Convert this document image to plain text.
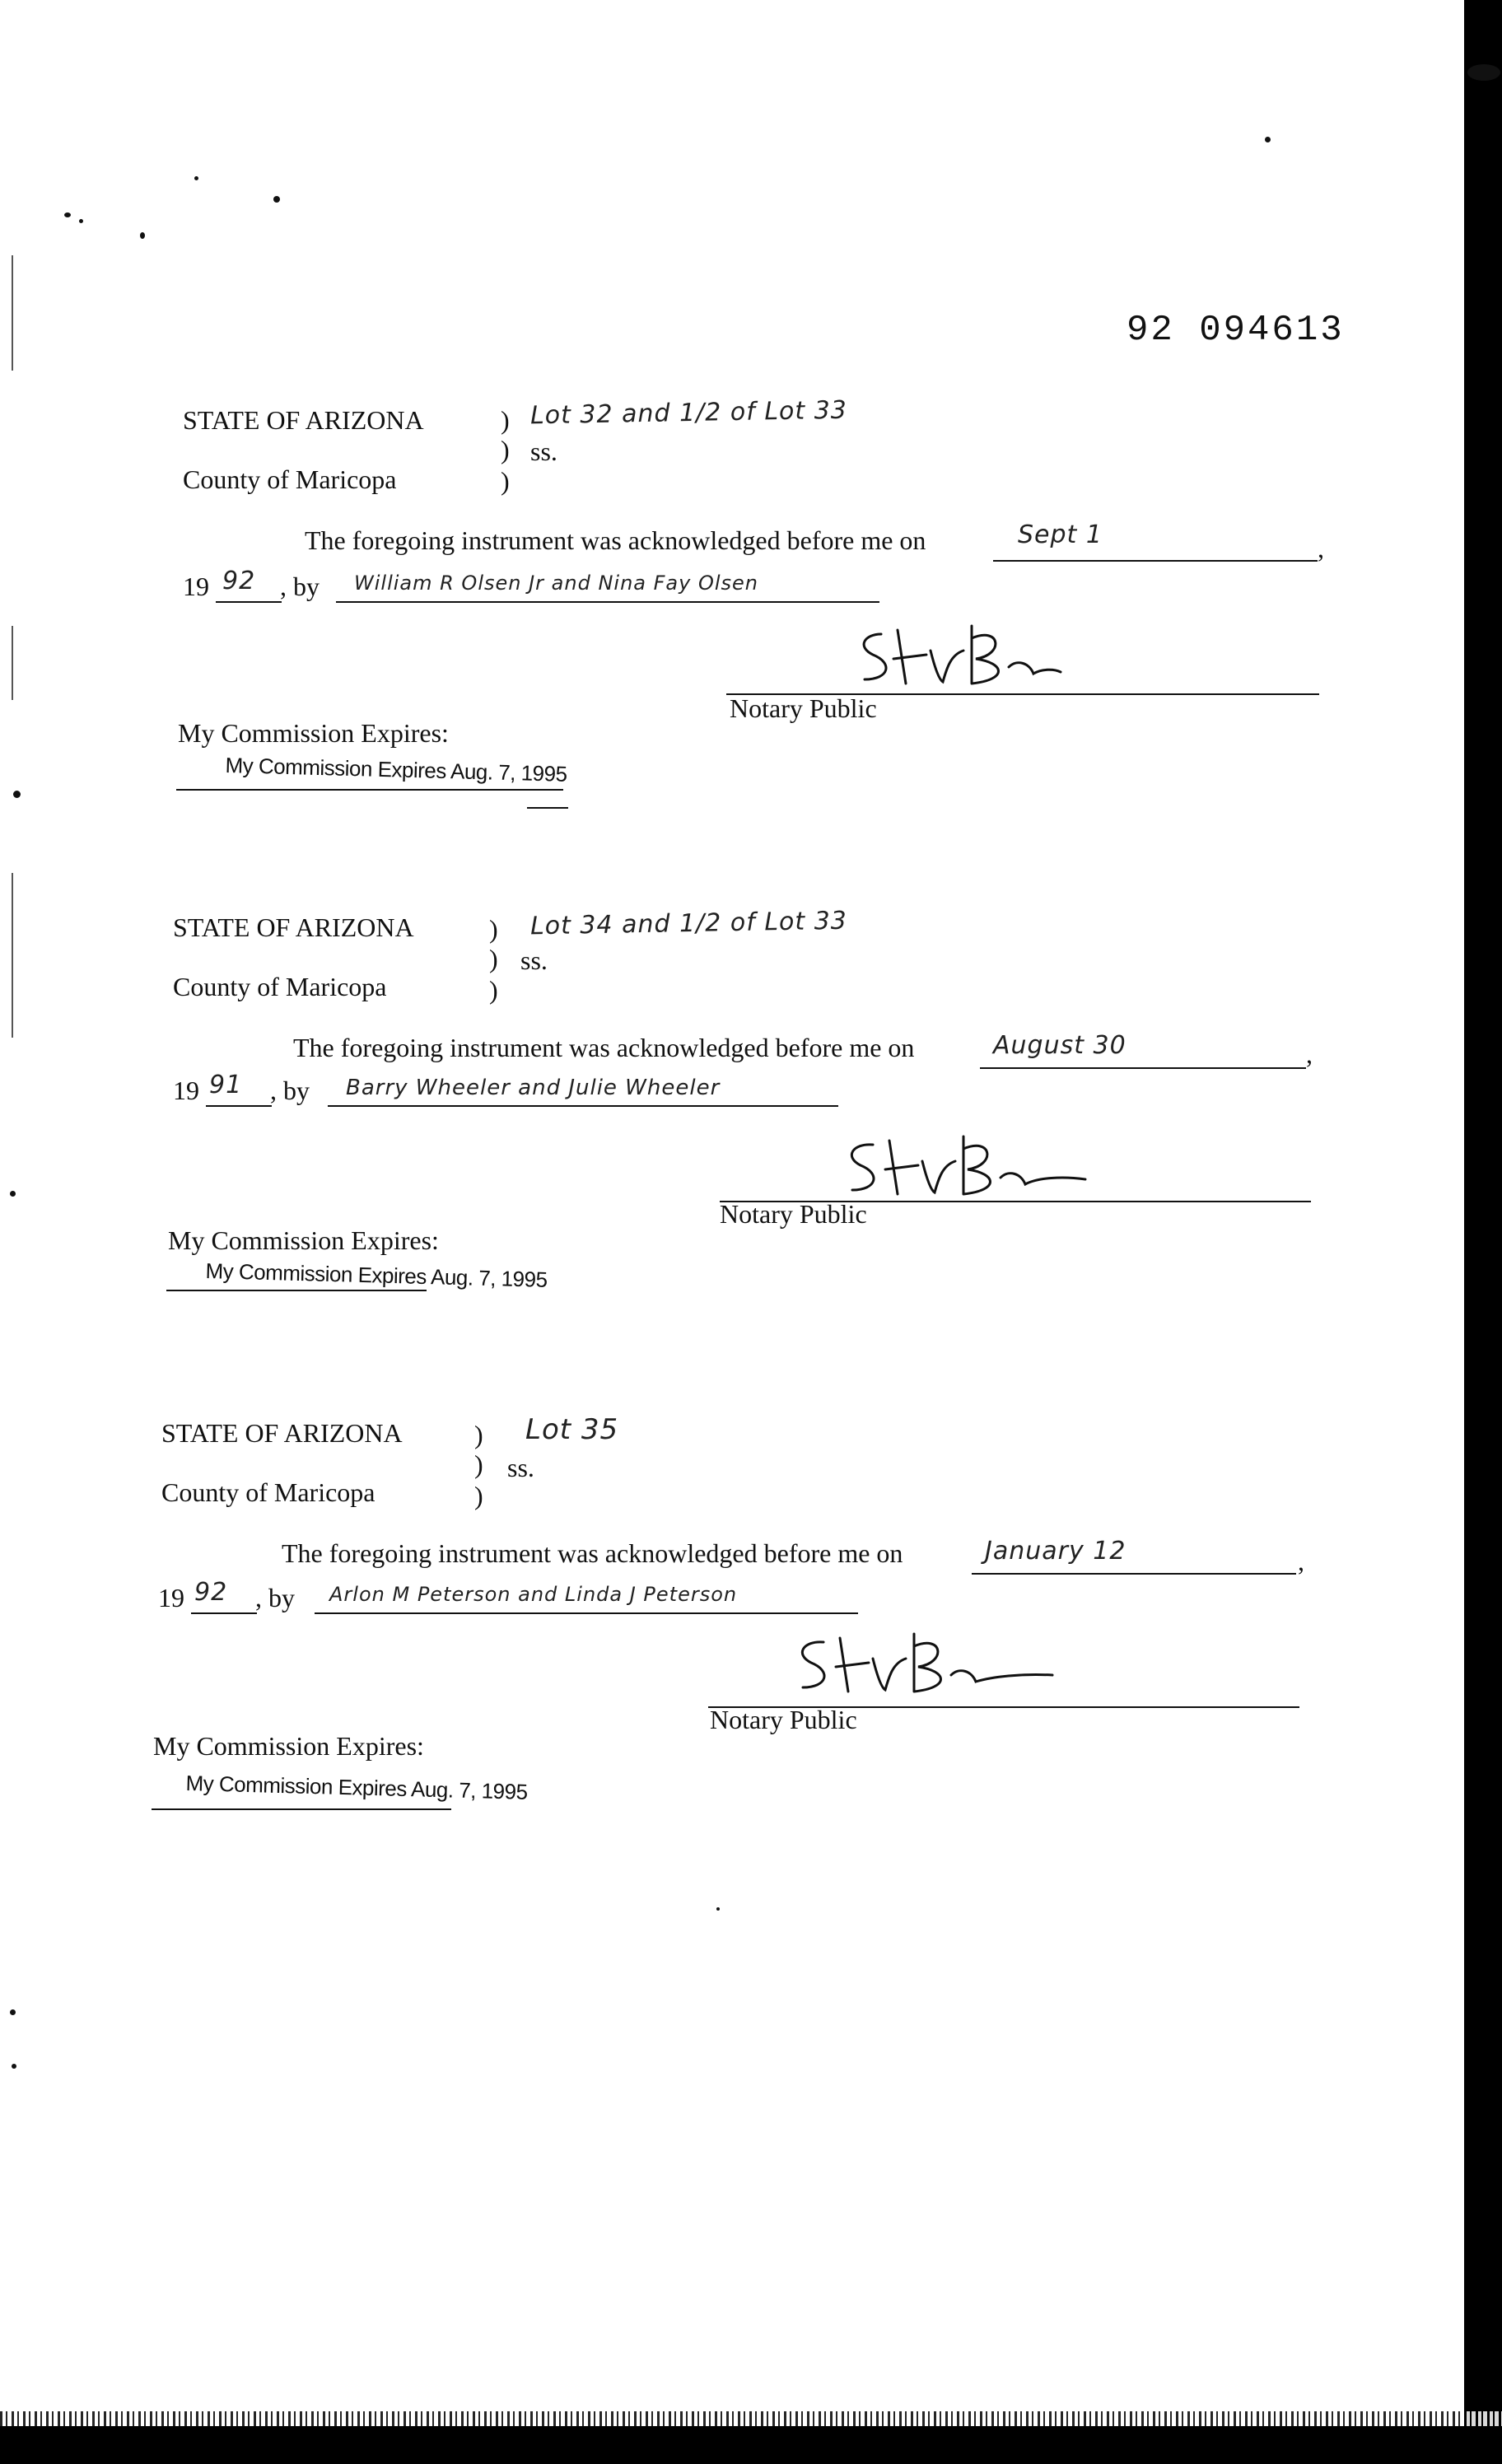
92 094613
STATE OF ARIZONA	)
) ss.
)
County of Maricopa
Lot 32 and 1/2 of Lot 33
The foregoing instrument was acknowledged before me on	Sept 1	,
19 92 , by William R Olsen Jr and Nina Fay Olsen
Notary Public
My Commission Expires:
My Commission Expires Aug. 7, 1995
STATE OF ARIZONA	)
) ss.
)
County of Maricopa
Lot 34 and 1/2 of Lot 33
The foregoing instrument was acknowledged before me on	August 30	,
19 91 , by Barry Wheeler and Julie Wheeler
Notary Public
My Commission Expires:
My Commission Expires Aug. 7, 1995
STATE OF ARIZONA	)
) ss.
)
County of Maricopa
Lot 35
The foregoing instrument was acknowledged before me on	January 12	,
19 92 , by Arlon M Peterson and Linda J Peterson
Notary Public
My Commission Expires:
My Commission Expires Aug. 7, 1995
